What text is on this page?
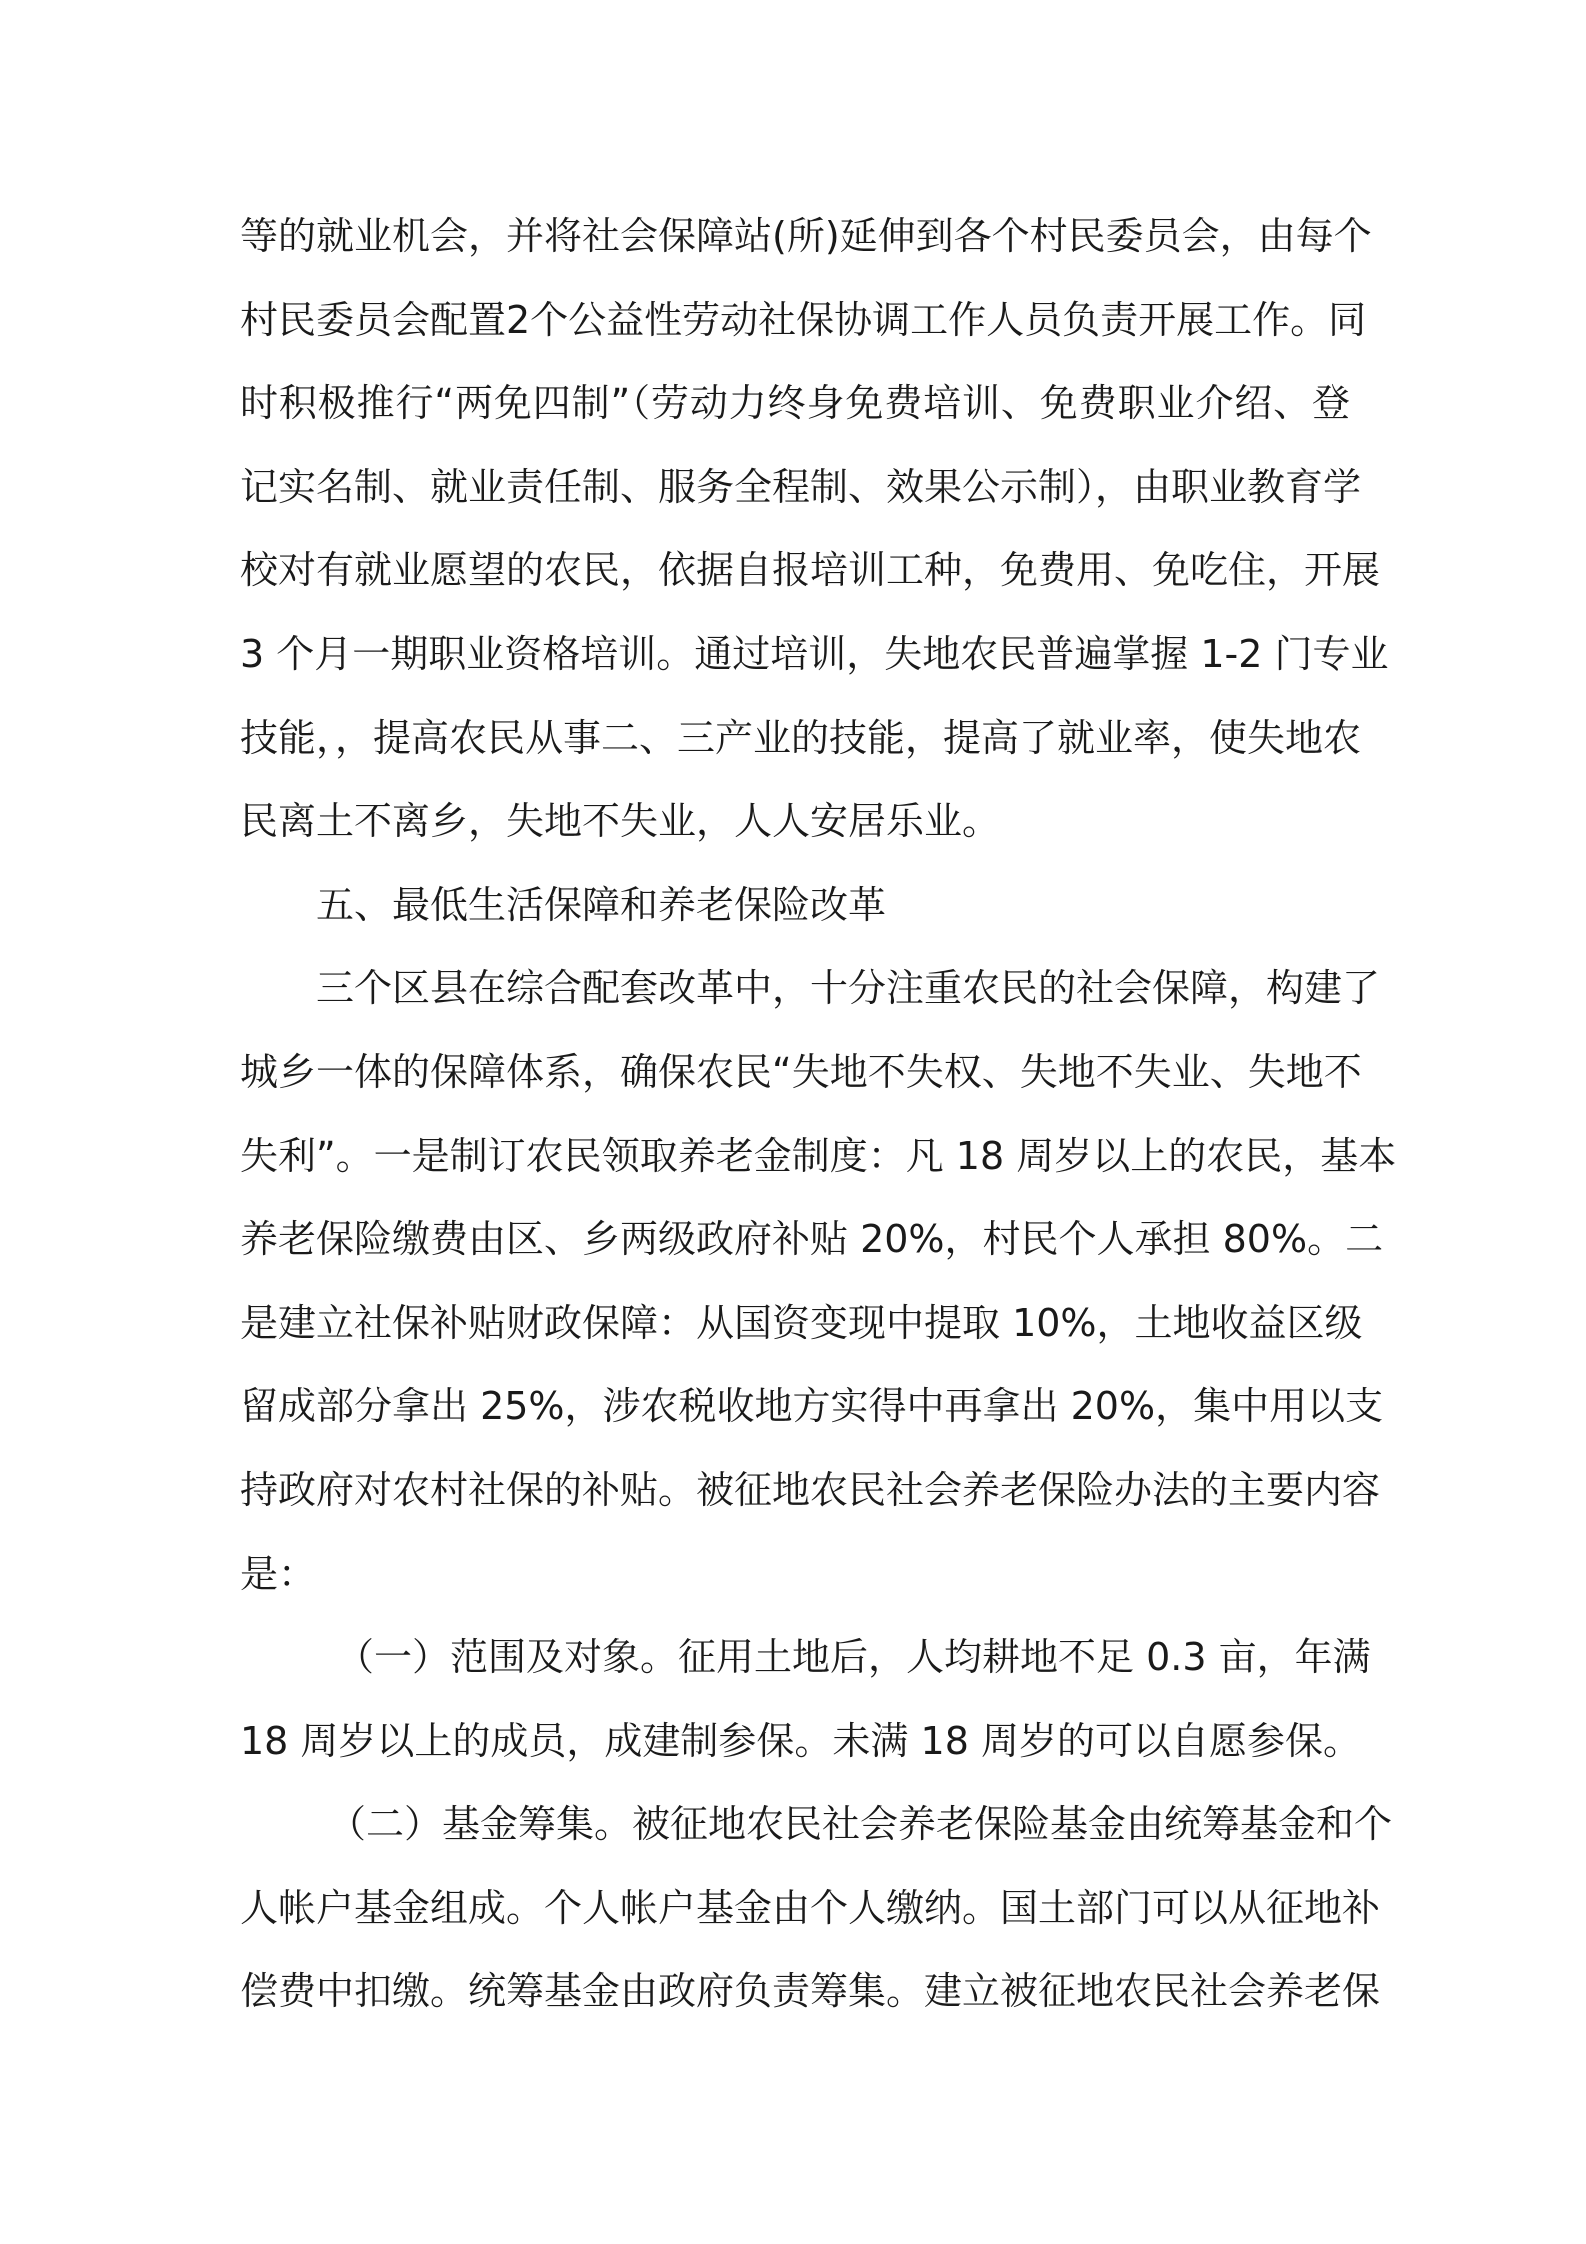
等的就业机会，并将社会保障站(所)延伸到各个村民委员会，由每个
村民委员会配置2个公益性劳动社保协调工作人员负责开展工作。同
时积极推行“两免四制”（劳动力终身免费培训、免费职业介绍、登
记实名制、就业责任制、服务全程制、效果公示制），由职业教育学
校对有就业愿望的农民，依据自报培训工种，免费用、免吃住，开展
3 个月一期职业资格培训。通过培训，失地农民普遍掌握 1-2 门专业
技能，，提高农民从事二、三产业的技能，提高了就业率，使失地农
民离土不离乡，失地不失业，人人安居乐业。
五、最低生活保障和养老保险改革
三个区县在综合配套改革中，十分注重农民的社会保障，构建了
城乡一体的保障体系，确保农民“失地不失权、失地不失业、失地不
失利”。一是制订农民领取养老金制度：凡 18 周岁以上的农民，基本
养老保险缴费由区、乡两级政府补贴 20%，村民个人承担 80%。二
是建立社保补贴财政保障：从国资变现中提取 10%，土地收益区级
留成部分拿出 25%，涉农税收地方实得中再拿出 20%，集中用以支
持政府对农村社保的补贴。被征地农民社会养老保险办法的主要内容
是：
（一）范围及对象。征用土地后，人均耕地不足 0.3 亩，年满
18 周岁以上的成员，成建制参保。未满 18 周岁的可以自愿参保。
（二）基金筹集。被征地农民社会养老保险基金由统筹基金和个
人帐户基金组成。个人帐户基金由个人缴纳。国土部门可以从征地补
偿费中扣缴。统筹基金由政府负责筹集。建立被征地农民社会养老保
